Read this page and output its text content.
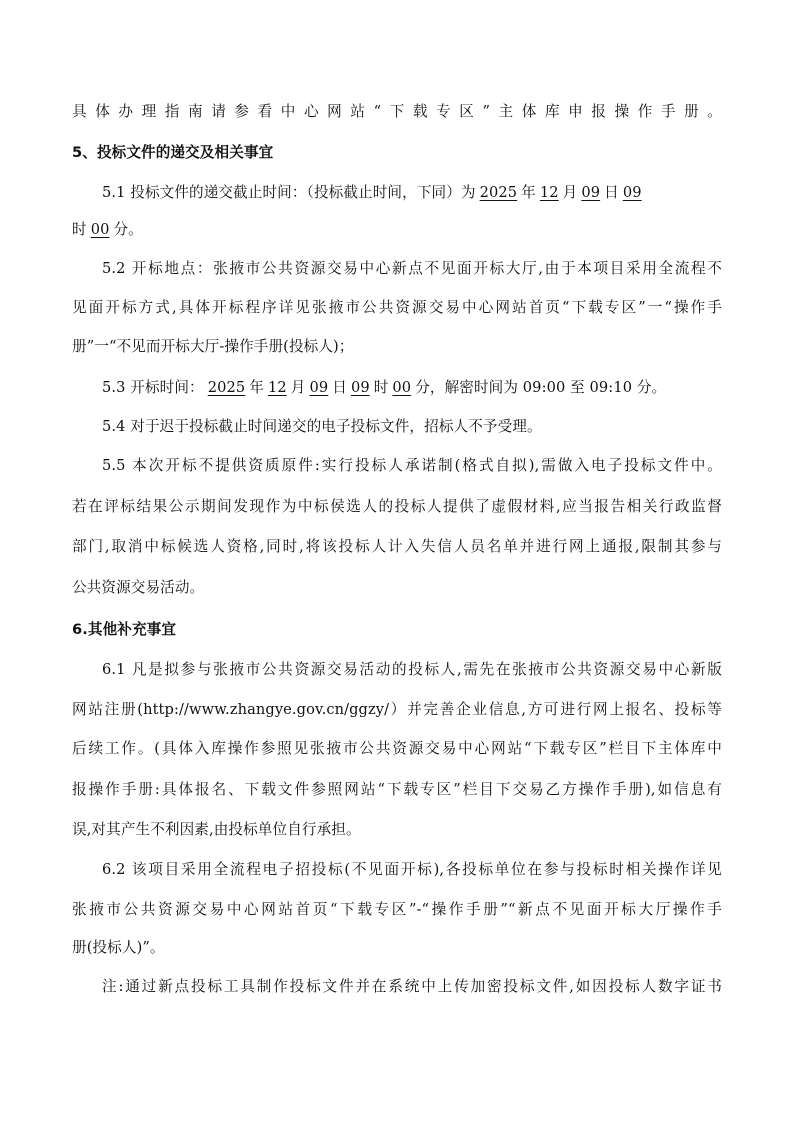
具体办理指南请参看中心网站“下载专区”主体库申报操作手册。
5、投标文件的递交及相关事宜
5.1 投标文件的递交截止时间：（投标截止时间，下同）为 2025 年 12 月 09 日 09
时 00 分。
5.2 开标地点：张掖市公共资源交易中心新点不见面开标大厅,由于本项目采用全流程不
见面开标方式,具体开标程序详见张掖市公共资源交易中心网站首页“下载专区”一“操作手
册”一“不见而开标大厅-操作手册(投标人)；
5.3 开标时间： 2025 年 12 月 09 日 09 时 00 分，解密时间为 09:00 至 09:10 分。
5.4 对于迟于投标截止时间递交的电子投标文件，招标人不予受理。
5.5 本次开标不提供资质原件:实行投标人承诺制(格式自拟),需做入电子投标文件中。
若在评标结果公示期间发现作为中标侯选人的投标人提供了虚假材料,应当报告相关行政监督
部门,取消中标候选人资格,同时,将该投标人计入失信人员名单并进行网上通报,限制其参与
公共资源交易活动。
6.其他补充事宜
6.1 凡是拟参与张掖市公共资源交易活动的投标人,需先在张掖市公共资源交易中心新版
网站注册(http://www.zhangye.gov.cn/ggzy/）并完善企业信息,方可进行网上报名、投标等
后续工作。(具体入库操作参照见张掖市公共资源交易中心网站“下载专区”栏目下主体库中
报操作手册:具体报名、下载文件参照网站“下载专区”栏目下交易乙方操作手册),如信息有
误,对其产生不利因素,由投标单位自行承担。
6.2 该项目采用全流程电子招投标(不见面开标),各投标单位在参与投标时相关操作详见
张掖市公共资源交易中心网站首页“下载专区”-“操作手册”“新点不见面开标大厅操作手
册(投标人)”。
注:通过新点投标工具制作投标文件并在系统中上传加密投标文件,如因投标人数字证书
